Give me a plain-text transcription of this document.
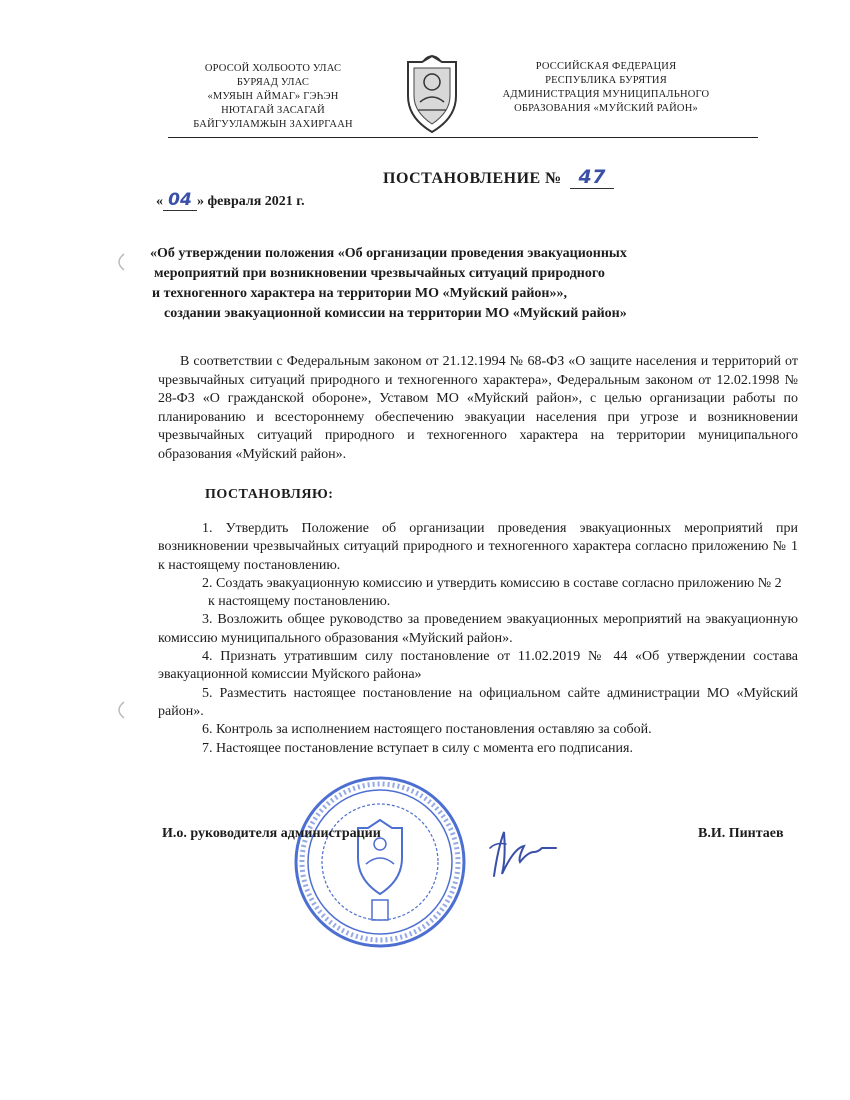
ОРОСОЙ ХОЛБООТО УЛАС
БУРЯАД УЛАС
«МУЯЫН АЙМАГ» ГЭҺЭН
НЮТАГАЙ ЗАСАГАЙ
БАЙГУУЛАМЖЫН ЗАХИРГААН
РОССИЙСКАЯ ФЕДЕРАЦИЯ
РЕСПУБЛИКА БУРЯТИЯ
АДМИНИСТРАЦИЯ МУНИЦИПАЛЬНОГО
ОБРАЗОВАНИЯ «МУЙСКИЙ РАЙОН»
ПОСТАНОВЛЕНИЕ № 47
« 04 » февраля 2021 г.
«Об утверждении положения «Об организации проведения эвакуационных
мероприятий при возникновении чрезвычайных ситуаций природного
и техногенного характера на территории МО «Муйский район»»,
создании эвакуационной комиссии на территории МО «Муйский район»
В соответствии с Федеральным законом от 21.12.1994 № 68-ФЗ «О защите населения и территорий от чрезвычайных ситуаций природного и техногенного характера», Федеральным законом от 12.02.1998 № 28-ФЗ «О гражданской обороне», Уставом МО «Муйский район», с целью организации работы по планированию и всестороннему обеспечению эвакуации населения при угрозе и возникновении чрезвычайных ситуаций природного и техногенного характера на территории муниципального образования «Муйский район».
ПОСТАНОВЛЯЮ:

1. Утвердить Положение об организации проведения эвакуационных мероприятий при возникновении чрезвычайных ситуаций природного и техногенного характера согласно приложению № 1 к настоящему постановлению.

2. Создать эвакуационную комиссию и утвердить комиссию в составе согласно приложению № 2

к настоящему постановлению.

3. Возложить общее руководство за проведением эвакуационных мероприятий на эвакуационную комиссию муниципального образования «Муйский район».

4. Признать утратившим силу постановление от 11.02.2019 № 44 «Об утверждении состава эвакуационной комиссии Муйского района»

5. Разместить настоящее постановление на официальном сайте администрации МО «Муйский район».

6. Контроль за исполнением настоящего постановления оставляю за собой.

7. Настоящее постановление вступает в силу с момента его подписания.

И.о. руководителя администрации	В.И. Пинтаев
